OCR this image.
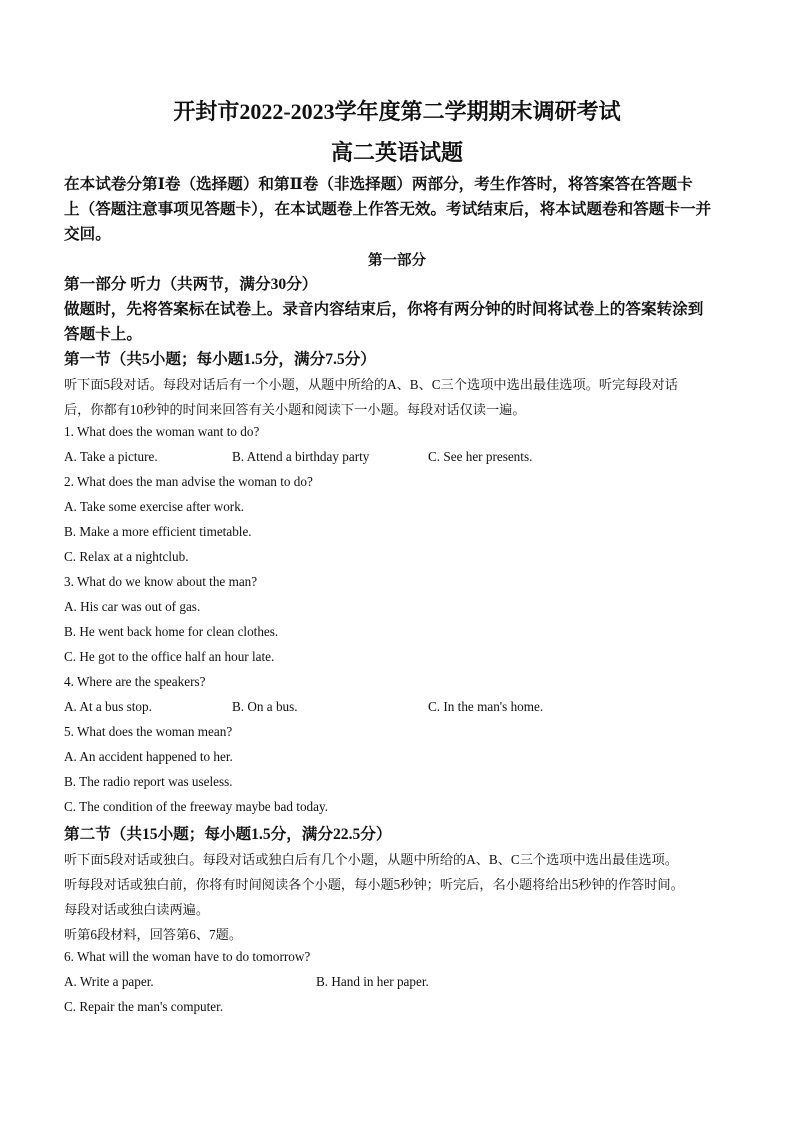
开封市2022-2023学年度第二学期期末调研考试
高二英语试题
在本试卷分第Ⅰ卷（选择题）和第Ⅱ卷（非选择题）两部分，考生作答时，将答案答在答题卡
上（答题注意事项见答题卡），在本试题卷上作答无效。考试结束后，将本试题卷和答题卡一并
交回。
第一部分
第一部分 听力（共两节，满分30分）
做题时，先将答案标在试卷上。录音内容结束后，你将有两分钟的时间将试卷上的答案转涂到
答题卡上。
第一节（共5小题；每小题1.5分，满分7.5分）
听下面5段对话。每段对话后有一个小题，从题中所给的A、B、C三个选项中选出最佳选项。听完每段对话
后，你都有10秒钟的时间来回答有关小题和阅读下一小题。每段对话仅读一遍。
1. What does the woman want to do?
A. Take a picture.	B. Attend a birthday party	C. See her presents.
2. What does the man advise the woman to do?
A. Take some exercise after work.
B. Make a more efficient timetable.
C. Relax at a nightclub.
3. What do we know about the man?
A. His car was out of gas.
B. He went back home for clean clothes.
C. He got to the office half an hour late.
4. Where are the speakers?
A. At a bus stop.	B. On a bus.	C. In the man's home.
5. What does the woman mean?
A. An accident happened to her.
B. The radio report was useless.
C. The condition of the freeway maybe bad today.
第二节（共15小题；每小题1.5分，满分22.5分）
听下面5段对话或独白。每段对话或独白后有几个小题，从题中所给的A、B、C三个选项中选出最佳选项。
听每段对话或独白前，你将有时间阅读各个小题，每小题5秒钟；听完后，名小题将给出5秒钟的作答时间。
每段对话或独白读两遍。
听第6段材料，回答第6、7题。
6. What will the woman have to do tomorrow?
A. Write a paper.	B. Hand in her paper.
C. Repair the man's computer.
